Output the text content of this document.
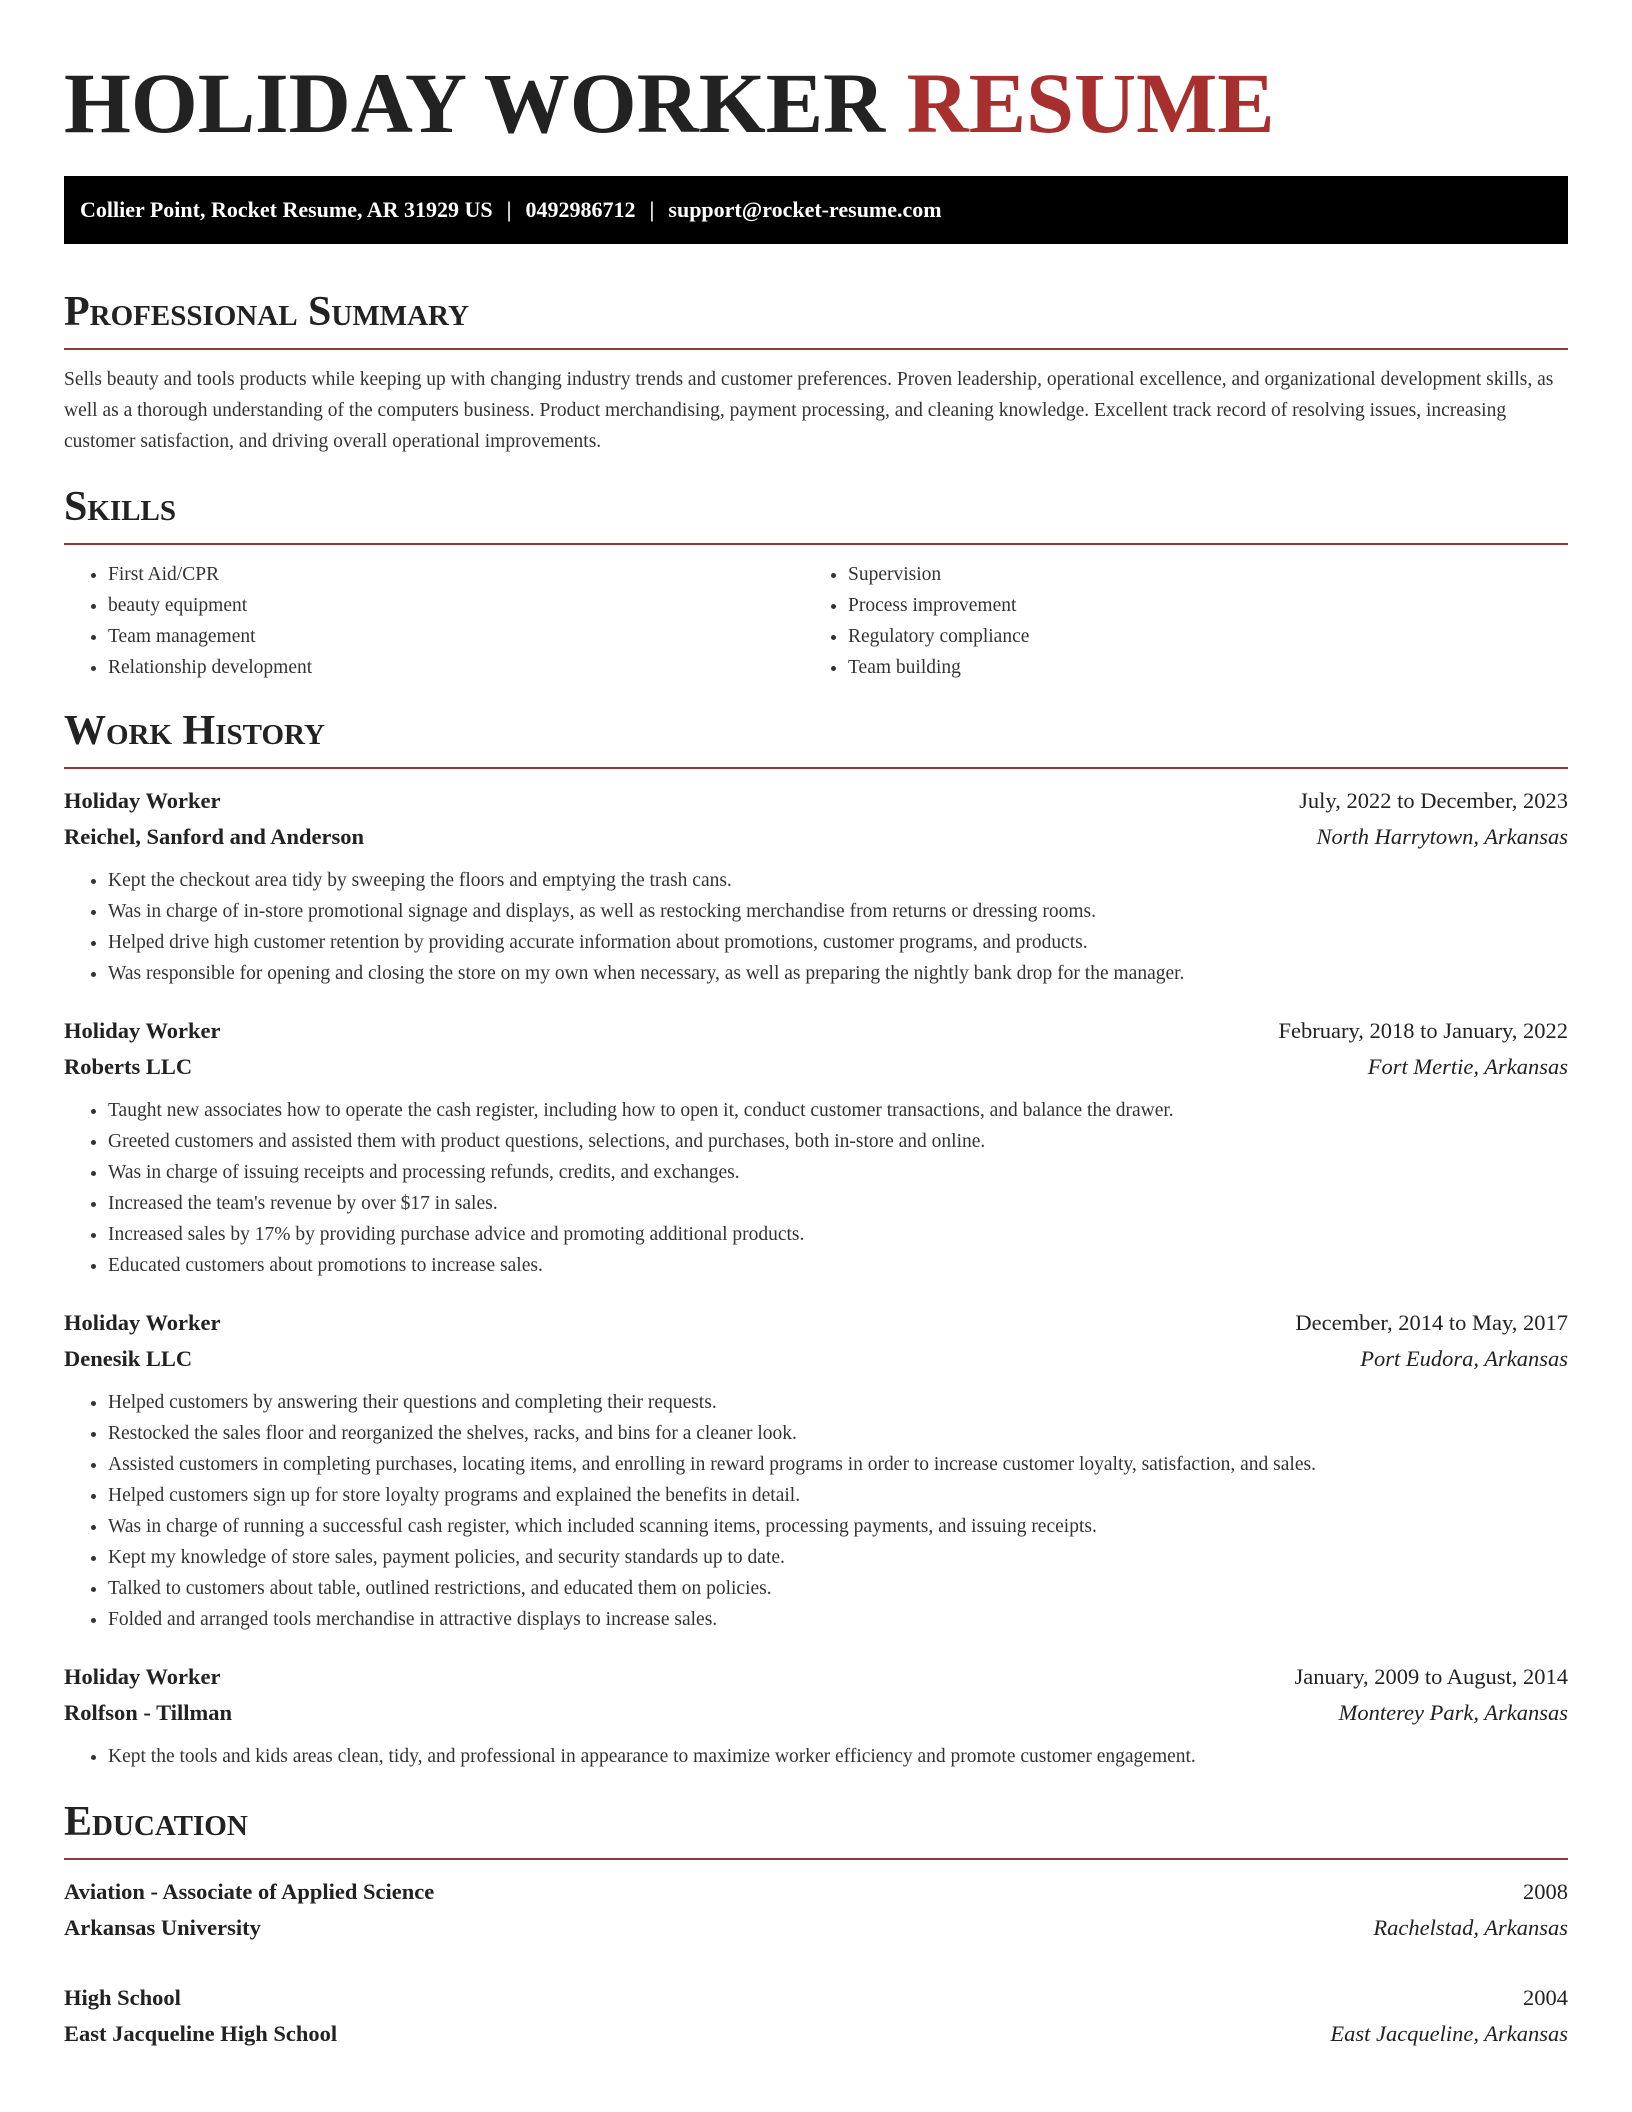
HOLIDAY WORKER RESUME
Collier Point, Rocket Resume, AR 31929 US | 0492986712 | support@rocket-resume.com
Professional Summary

Sells beauty and tools products while keeping up with changing industry trends and customer preferences. Proven leadership, operational excellence, and organizational development skills, as well as a thorough understanding of the computers business. Product merchandising, payment processing, and cleaning knowledge. Excellent track record of resolving issues, increasing customer satisfaction, and driving overall operational improvements.

Skills
• First Aid/CPR
• beauty equipment
• Team management
• Relationship development
• Supervision
• Process improvement
• Regulatory compliance
• Team building
Work History
Holiday Worker	July, 2022 to December, 2023
Reichel, Sanford and Anderson	North Harrytown, Arkansas
• Kept the checkout area tidy by sweeping the floors and emptying the trash cans.
• Was in charge of in-store promotional signage and displays, as well as restocking merchandise from returns or dressing rooms.
• Helped drive high customer retention by providing accurate information about promotions, customer programs, and products.
• Was responsible for opening and closing the store on my own when necessary, as well as preparing the nightly bank drop for the manager.
Holiday Worker	February, 2018 to January, 2022
Roberts LLC	Fort Mertie, Arkansas
• Taught new associates how to operate the cash register, including how to open it, conduct customer transactions, and balance the drawer.
• Greeted customers and assisted them with product questions, selections, and purchases, both in-store and online.
• Was in charge of issuing receipts and processing refunds, credits, and exchanges.
• Increased the team's revenue by over $17 in sales.
• Increased sales by 17% by providing purchase advice and promoting additional products.
• Educated customers about promotions to increase sales.
Holiday Worker	December, 2014 to May, 2017
Denesik LLC	Port Eudora, Arkansas
• Helped customers by answering their questions and completing their requests.
• Restocked the sales floor and reorganized the shelves, racks, and bins for a cleaner look.
• Assisted customers in completing purchases, locating items, and enrolling in reward programs in order to increase customer loyalty, satisfaction, and sales.
• Helped customers sign up for store loyalty programs and explained the benefits in detail.
• Was in charge of running a successful cash register, which included scanning items, processing payments, and issuing receipts.
• Kept my knowledge of store sales, payment policies, and security standards up to date.
• Talked to customers about table, outlined restrictions, and educated them on policies.
• Folded and arranged tools merchandise in attractive displays to increase sales.
Holiday Worker	January, 2009 to August, 2014
Rolfson - Tillman	Monterey Park, Arkansas
• Kept the tools and kids areas clean, tidy, and professional in appearance to maximize worker efficiency and promote customer engagement.
Education
Aviation - Associate of Applied Science	2008
Arkansas University	Rachelstad, Arkansas
High School	2004
East Jacqueline High School	East Jacqueline, Arkansas
